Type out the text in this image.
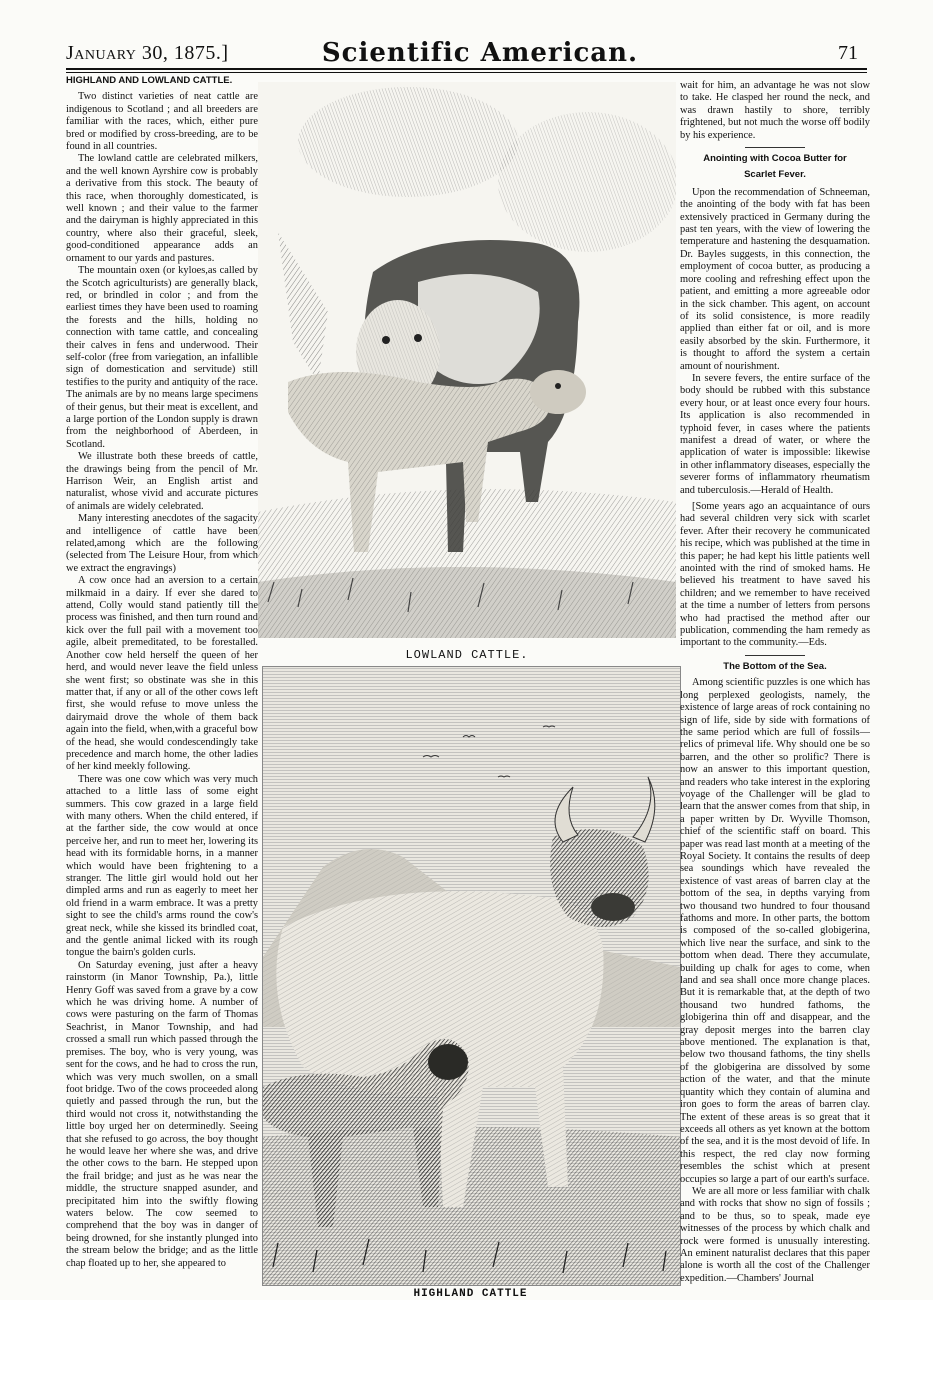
January 30, 1875.]	Scientific American.	71
HIGHLAND AND LOWLAND CATTLE.

Two distinct varieties of neat cattle are indigenous to Scotland ; and all breeders are familiar with the races, which, either pure bred or modified by cross-breeding, are to be found in all countries.

The lowland cattle are celebrated milkers, and the well known Ayrshire cow is probably a derivative from this stock. The beauty of this race, when thoroughly domesticated, is well known ; and their value to the farmer and the dairyman is highly appreciated in this country, where also their graceful, sleek, good-conditioned appearance adds an ornament to our yards and pastures.

The mountain oxen (or kyloes,as called by the Scotch agriculturists) are generally black, red, or brindled in color ; and from the earliest times they have been used to roaming the forests and the hills, holding no connection with tame cattle, and concealing their calves in fens and underwood. Their self-color (free from variegation, an infallible sign of domestication and servitude) still testifies to the purity and antiquity of the race. The animals are by no means large specimens of their genus, but their meat is excellent, and a large portion of the London supply is drawn from the neighborhood of Aberdeen, in Scotland.

We illustrate both these breeds of cattle, the drawings being from the pencil of Mr. Harrison Weir, an English artist and naturalist, whose vivid and accurate pictures of animals are widely celebrated.

Many interesting anecdotes of the sagacity and intelligence of cattle have been related,among which are the following (selected from The Leisure Hour, from which we extract the engravings)

A cow once had an aversion to a certain milkmaid in a dairy. If ever she dared to attend, Colly would stand patiently till the process was finished, and then turn round and kick over the full pail with a movement too agile, albeit premeditated, to be forestalled. Another cow held herself the queen of her herd, and would never leave the field unless she went first; so obstinate was she in this matter that, if any or all of the other cows left first, she would refuse to move unless the dairymaid drove the whole of them back again into the field, when,with a graceful bow of the head, she would condescendingly take precedence and march home, the other ladies of her kind meekly following.

There was one cow which was very much attached to a little lass of some eight summers. This cow grazed in a large field with many others. When the child entered, if at the farther side, the cow would at once perceive her, and run to meet her, lowering its head with its formidable horns, in a manner which would have been frightening to a stranger. The little girl would hold out her dimpled arms and run as eagerly to meet her old friend in a warm embrace. It was a pretty sight to see the child's arms round the cow's great neck, while she kissed its brindled coat, and the gentle animal licked with its rough tongue the bairn's golden curls.

On Saturday evening, just after a heavy rainstorm (in Manor Township, Pa.), little Henry Goff was saved from a grave by a cow which he was driving home. A number of cows were pasturing on the farm of Thomas Seachrist, in Manor Township, and had crossed a small run which passed through the premises. The boy, who is very young, was sent for the cows, and he had to cross the run, which was very much swollen, on a small foot bridge. Two of the cows proceeded along quietly and passed through the run, but the third would not cross it, notwithstanding the little boy urged her on determinedly. Seeing that she refused to go across, the boy thought he would leave her where she was, and drive the other cows to the barn. He stepped upon the frail bridge; and just as he was near the middle, the structure snapped asunder, and precipitated him into the swiftly flowing waters below. The cow seemed to comprehend that the boy was in danger of being drowned, for she instantly plunged into the stream below the bridge; and as the little chap floated up to her, she appeared to

LOWLAND CATTLE.
HIGHLAND CATTLE

wait for him, an advantage he was not slow to take. He clasped her round the neck, and was drawn hastily to shore, terribly frightened, but not much the worse off bodily by his experience.

Anointing with Cocoa Butter for
Scarlet Fever.

Upon the recommendation of Schneeman, the anointing of the body with fat has been extensively practiced in Germany during the past ten years, with the view of lowering the temperature and hastening the desquamation. Dr. Bayles suggests, in this connection, the employment of cocoa butter, as producing a more cooling and refreshing effect upon the patient, and emitting a more agreeable odor in the sick chamber. This agent, on account of its solid consistence, is more readily applied than either fat or oil, and is more easily absorbed by the skin. Furthermore, it is thought to afford the system a certain amount of nourishment.

In severe fevers, the entire surface of the body should be rubbed with this substance every hour, or at least once every four hours. Its application is also recommended in typhoid fever, in cases where the patients manifest a dread of water, or where the application of water is impossible: likewise in other inflammatory diseases, especially the severer forms of inflammatory rheumatism and tuberculosis.—Herald of Health.

[Some years ago an acquaintance of ours had several children very sick with scarlet fever. After their recovery he communicated his recipe, which was published at the time in this paper; he had kept his little patients well anointed with the rind of smoked hams. He believed his treatment to have saved his children; and we remember to have received at the time a number of letters from persons who had practised the method after our publication, commending the ham remedy as important to the community.—Eds.

The Bottom of the Sea.

Among scientific puzzles is one which has long perplexed geologists, namely, the existence of large areas of rock containing no sign of life, side by side with formations of the same period which are full of fossils—relics of primeval life. Why should one be so barren, and the other so prolific? There is now an answer to this important question, and readers who take interest in the exploring voyage of the Challenger will be glad to learn that the answer comes from that ship, in a paper written by Dr. Wyville Thomson, chief of the scientific staff on board. This paper was read last month at a meeting of the Royal Society. It contains the results of deep sea soundings which have revealed the existence of vast areas of barren clay at the bottom of the sea, in depths varying from two thousand two hundred to four thousand fathoms and more. In other parts, the bottom is composed of the so-called globigerina, which live near the surface, and sink to the bottom when dead. There they accumulate, building up chalk for ages to come, when land and sea shall once more change places. But it is remarkable that, at the depth of two thousand two hundred fathoms, the globigerina thin off and disappear, and the gray deposit merges into the barren clay above mentioned. The explanation is that, below two thousand fathoms, the tiny shells of the globigerina are dissolved by some action of the water, and that the minute quantity which they contain of alumina and iron goes to form the areas of barren clay. The extent of these areas is so great that it exceeds all others as yet known at the bottom of the sea, and it is the most devoid of life. In this respect, the red clay now forming resembles the schist which at present occupies so large a part of our earth's surface.

We are all more or less familiar with chalk and with rocks that show no sign of fossils ; and to be thus, so to speak, made eye witnesses of the process by which chalk and rock were formed is unusually interesting. An eminent naturalist declares that this paper alone is worth all the cost of the Challenger expedition.—Chambers' Journal
